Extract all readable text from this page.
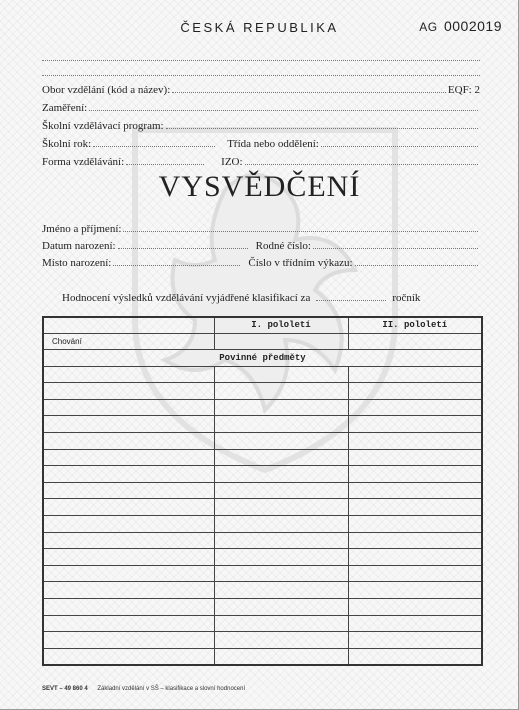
ČESKÁ REPUBLIKA	AG 0002019
Obor vzdělání (kód a název):	EQF: 2
Zaměření:
Školní vzdělávací program:
Školní rok:	Třída nebo oddělení:
Forma vzdělávání:	IZO:
VYSVĚDČENÍ
Jméno a příjmení:
Datum narození:	Rodné číslo:
Místo narození:	Číslo v třídním výkazu:
Hodnocení výsledků vzdělávání vyjádřené klasifikací za	ročník
	I. pololetí	II. pololetí
Chování		
Povinné předměty		

SEVT – 49 860 4 Základní vzdělání v SŠ – klasifikace a slovní hodnocení
